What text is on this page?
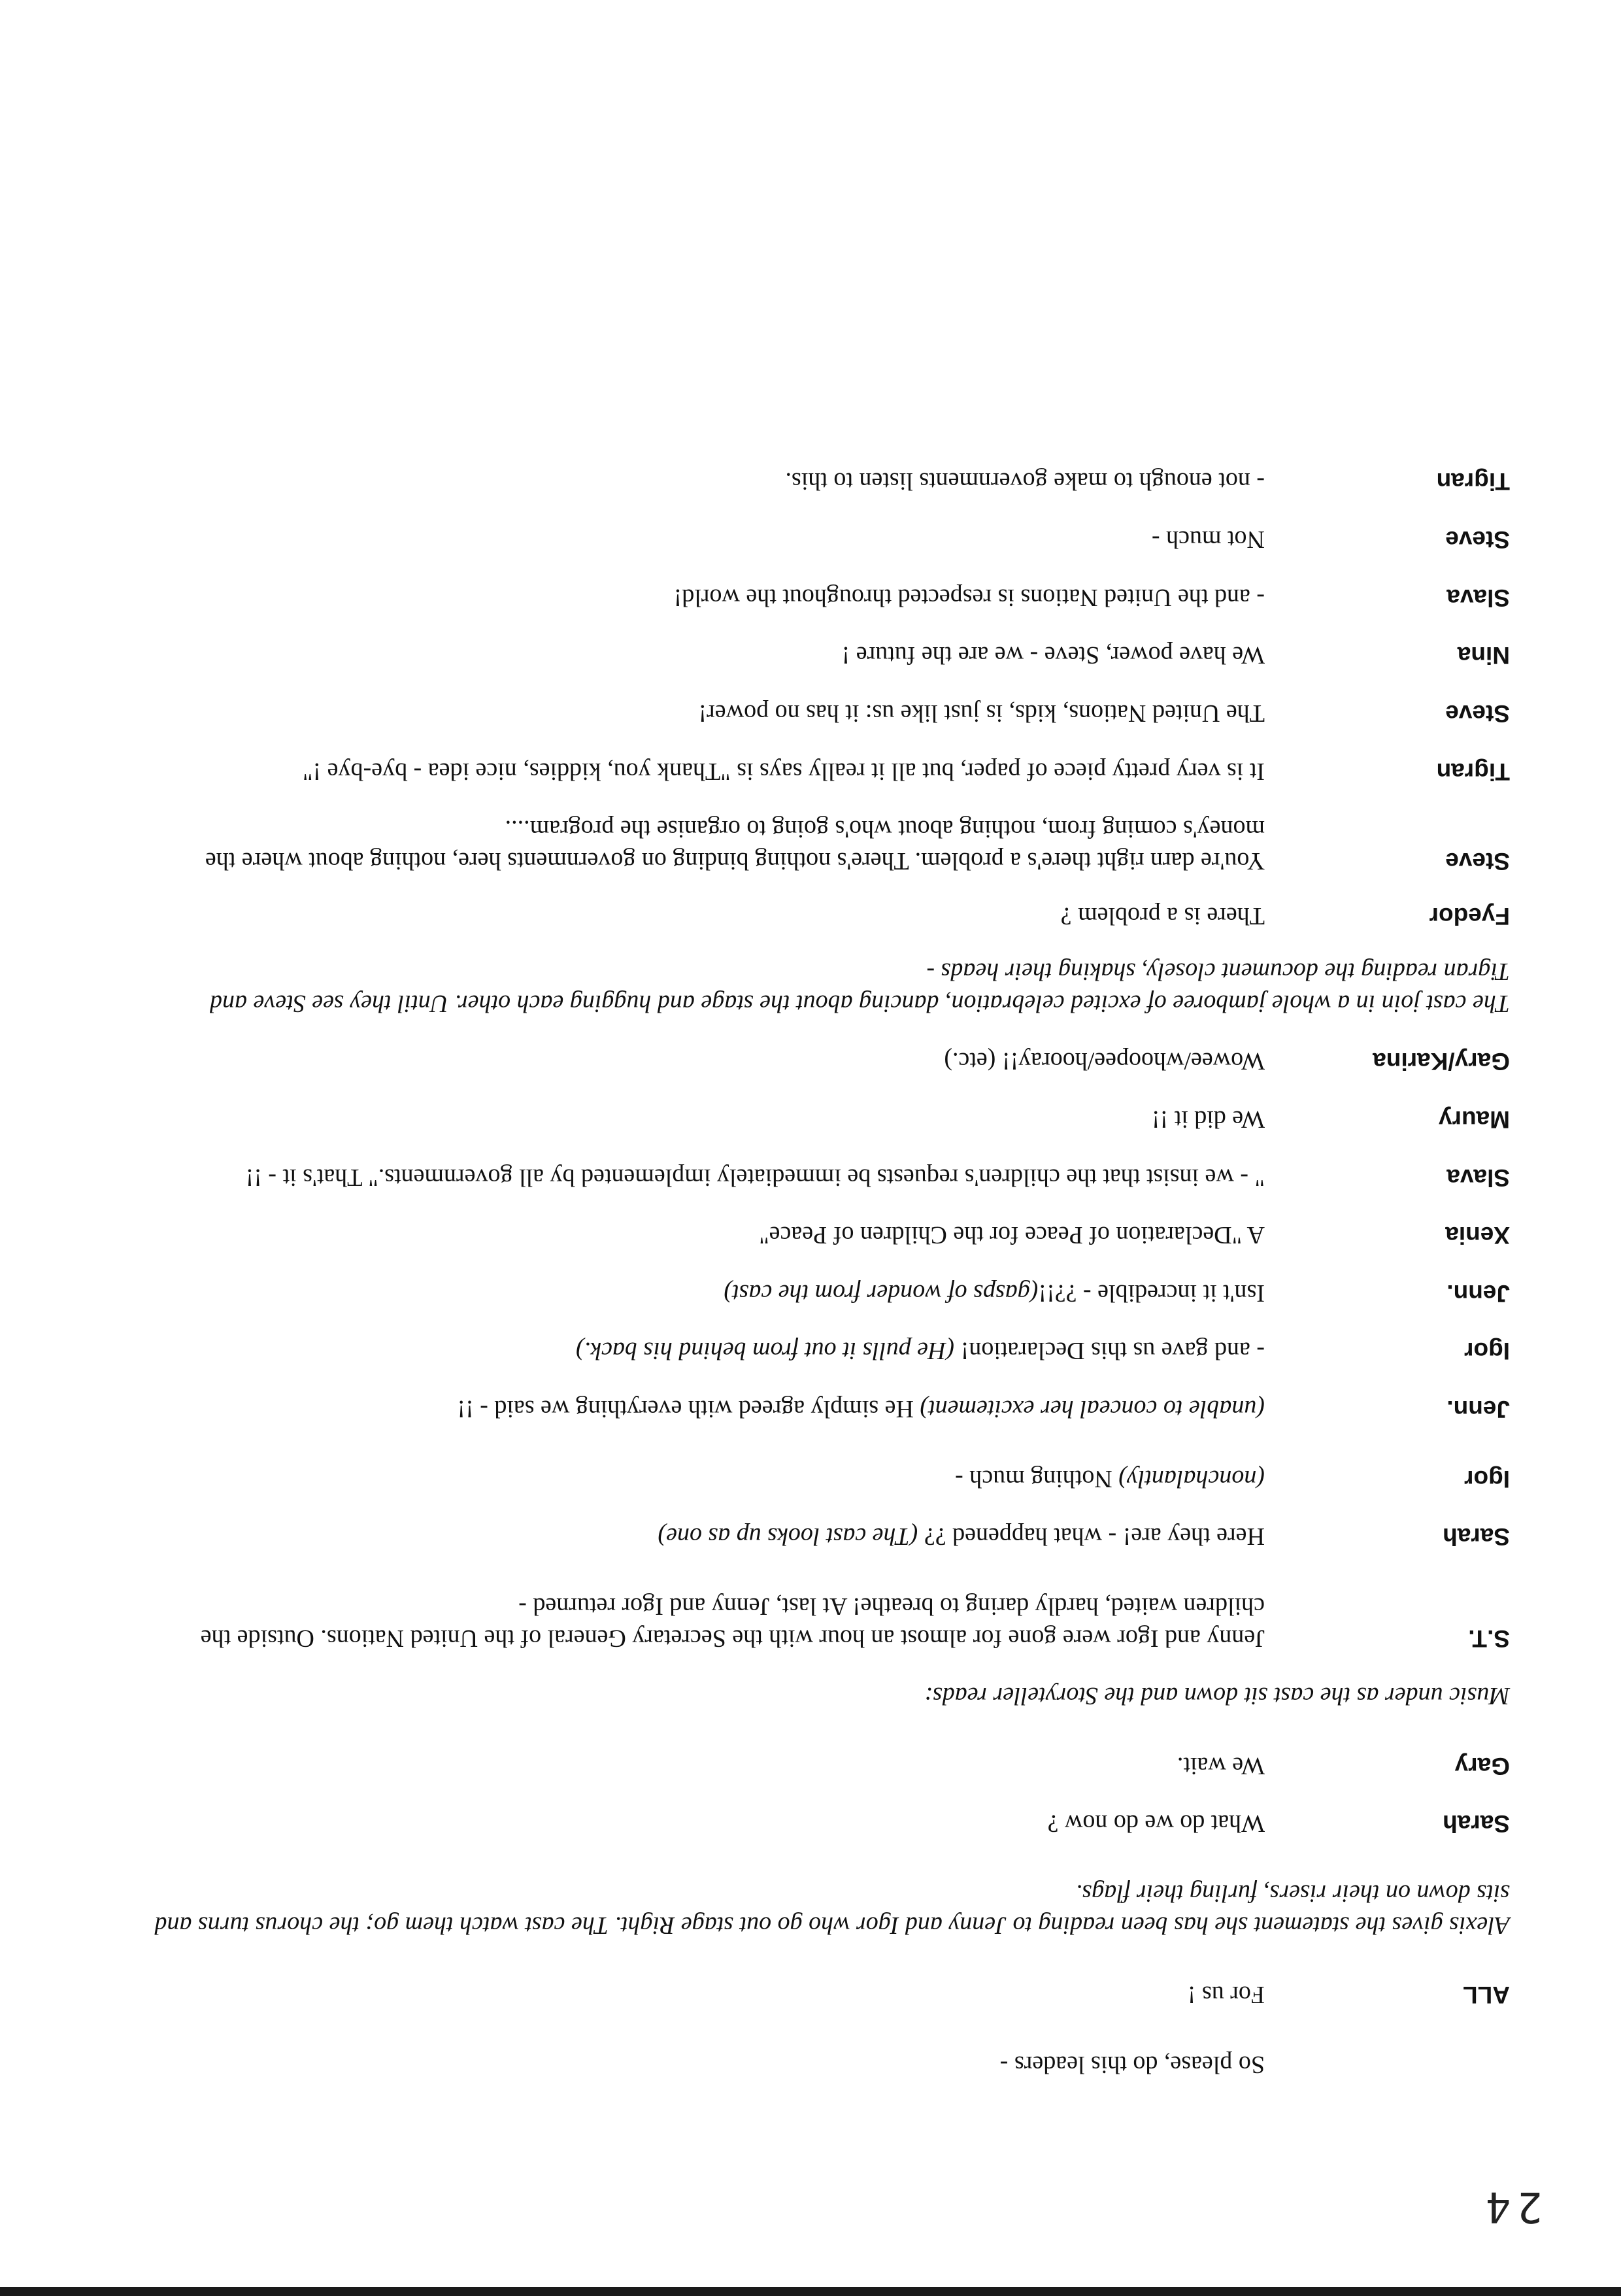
24
So please, do this leaders -
ALL
For us !
Alexis gives the statement she has been reading to Jenny and Igor who go out stage Right. The cast watch them go; the chorus turns and sits down on their risers, furling their flags.
Sarah
What do we do now ?
Gary
We wait.
Music under as the cast sit down and the Storyteller reads:
S.T.
Jenny and Igor were gone for almost an hour with the Secretary General of the United Nations. Outside the children waited, hardly daring to breathe! At last, Jenny and Igor returned -
Sarah
Here they are! - what happened ?? (The cast looks up as one)
Igor
(nonchalantly) Nothing much -
Jenn.
(unable to conceal her excitement) He simply agreed with everything we said - !!
Igor
- and gave us this Declaration! (He pulls it out from behind his back.)
Jenn.
Isn't it incredible - ??!!(gasps of wonder from the cast)
Xenia
A "Declaration of Peace for the Children of Peace"
Slava
" - we insist that the children's requests be immediately implemented by all governments." That's it - !!
Maury
We did it !!
Gary/Karina
Wowee/whoopee/hooray!! (etc.)
The cast join in a whole jamboree of excited celebration, dancing about the stage and hugging each other. Until they see Steve and Tigran reading the document closely, shaking their heads -
Fyedor
There is a problem ?
Steve
You're darn right there's a problem. There's nothing binding on governments here, nothing about where the money's coming from, nothing about who's going to organise the program....
Tigran
It is very pretty piece of paper, but all it really says is "Thank you, kiddies, nice idea - bye-bye !"
Steve
The United Nations, kids, is just like us: it has no power!
Nina
We have power, Steve - we are the future !
Slava
- and the United Nations is respected throughout the world!
Steve
Not much -
Tigran
- not enough to make governments listen to this.
